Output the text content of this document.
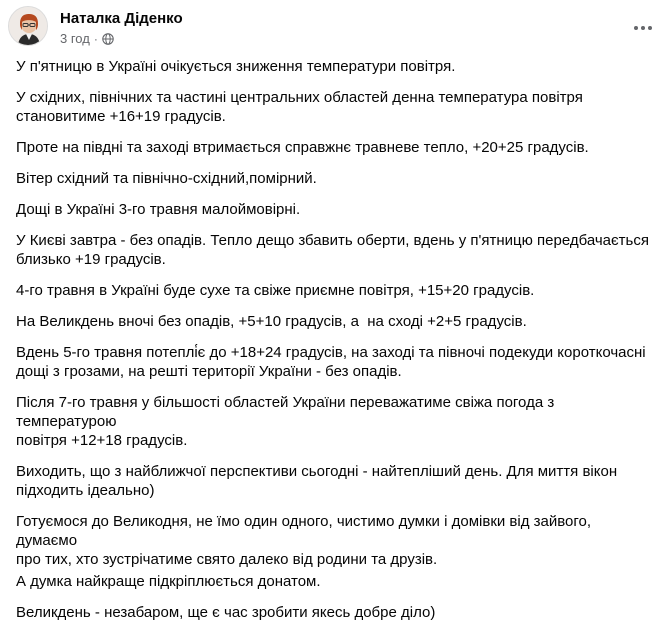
Наталка Діденко
3 год ·

У п'ятницю в Україні очікується зниження температури повітря.

У східних, північних та частині центральних областей денна температура повітря
становитиме +16+19 градусів.

Проте на півдні та заході втримається справжнє травневе тепло, +20+25 градусів.

Вітер східний та північно-східний,помірний.

Дощі в Україні 3-го травня малоймовірні.

У Києві завтра - без опадів. Тепло дещо збавить оберти, вдень у п'ятницю передбачається
близько +19 градусів.

4-го травня в Україні буде сухе та свіже приємне повітря, +15+20 градусів.

На Великдень вночі без опадів, +5+10 градусів, а  на сході +2+5 градусів.

Вдень 5-го травня потеплі́є до +18+24 градусів, на заході та півночі подекуди короткочасні
дощі з грозами, на решті території України - без опадів.

Після 7-го травня у більшості областей України переважатиме свіжа погода з температурою
повітря +12+18 градусів.

Виходить, що з найближчої перспективи сьогодні - найтепліший день. Для миття вікон
підходить ідеально)

Готуємося до Великодня, не їмо один одного, чистимо думки і домівки від зайвого, думаємо
про тих, хто зустрічатиме свято далеко від родини та друзів.

А думка найкраще підкріплюється донатом.

Великдень - незабаром, ще є час зробити якесь добре діло)
